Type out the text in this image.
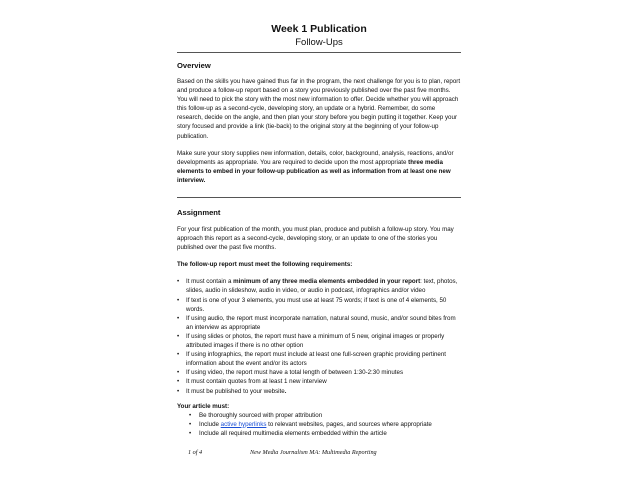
Week 1 Publication
Follow-Ups
Overview

Based on the skills you have gained thus far in the program, the next challenge for you is to plan, report and produce a follow-up report based on a story you previously published over the past five months. You will need to pick the story with the most new information to offer. Decide whether you will approach this follow-up as a second-cycle, developing story, an update or a hybrid. Remember, do some research, decide on the angle, and then plan your story before you begin putting it together. Keep your story focused and provide a link (tie-back) to the original story at the beginning of your follow-up publication.

Make sure your story supplies new information, details, color, background, analysis, reactions, and/or developments as appropriate. You are required to decide upon the most appropriate three media elements to embed in your follow-up publication as well as information from at least one new interview.

Assignment

For your first publication of the month, you must plan, produce and publish a follow-up story. You may approach this report as a second-cycle, developing story, or an update to one of the stories you published over the past five months.

The follow-up report must meet the following requirements:

• It must contain a minimum of any three media elements embedded in your report: text, photos, slides, audio in slideshow, audio in video, or audio in podcast, infographics and/or video
• If text is one of your 3 elements, you must use at least 75 words; if text is one of 4 elements, 50 words.
• If using audio, the report must incorporate narration, natural sound, music, and/or sound bites from an interview as appropriate
• If using slides or photos, the report must have a minimum of 5 new, original images or properly attributed images if there is no other option
• If using infographics, the report must include at least one full-screen graphic providing pertinent information about the event and/or its actors
• If using video, the report must have a total length of between 1:30-2:30 minutes
• It must contain quotes from at least 1 new interview
• It must be published to your website.

Your article must:

• Be thoroughly sourced with proper attribution
• Include active hyperlinks to relevant websites, pages, and sources where appropriate
• Include all required multimedia elements embedded within the article
1 of 4	New Media Journalism MA: Multimedia Reporting
